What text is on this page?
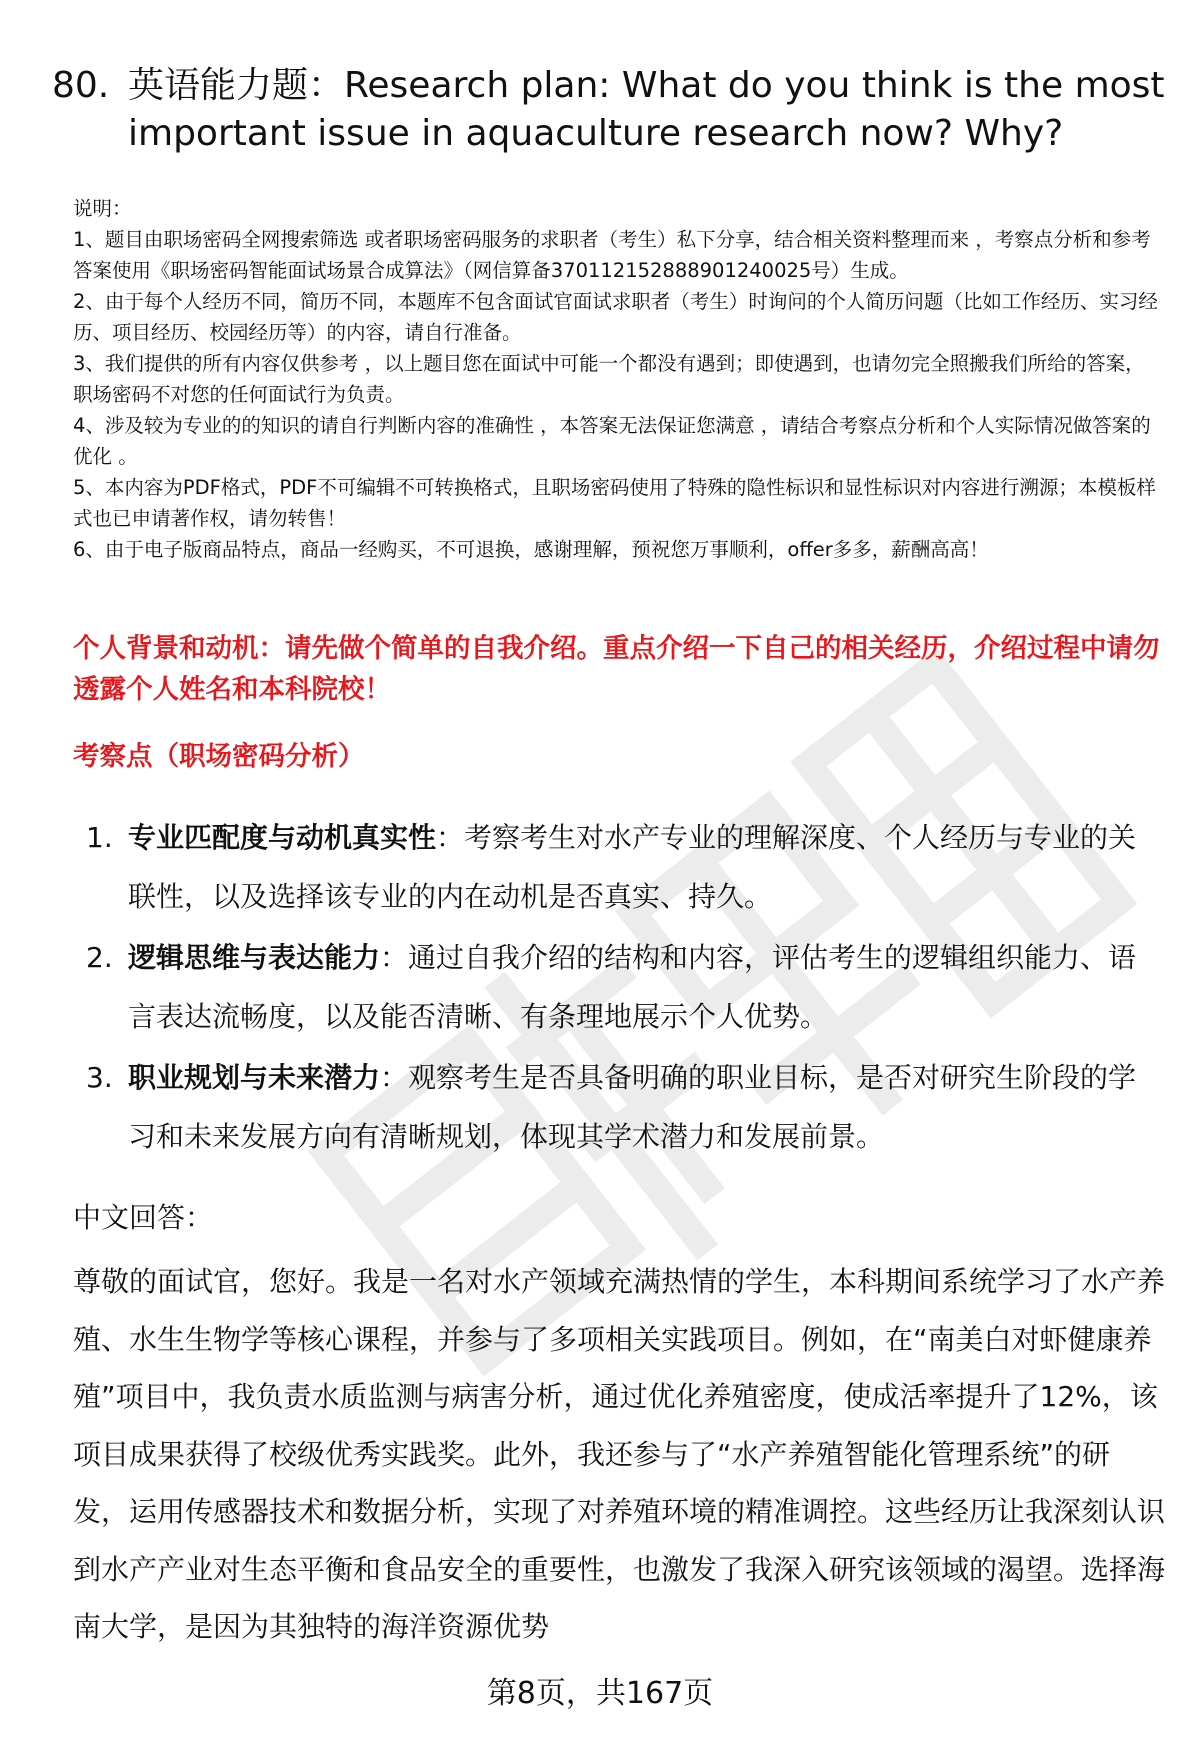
80. 英语能力题：Research plan: What do you think is the most important issue in aquaculture research now? Why?
说明：
1、题目由职场密码全网搜索筛选 或者职场密码服务的求职者（考生）私下分享，结合相关资料整理而来 ，考察点分析和参考答案使用《职场密码智能面试场景合成算法》（网信算备370112152888901240025号）生成。
2、由于每个人经历不同，简历不同，本题库不包含面试官面试求职者（考生）时询问的个人简历问题（比如工作经历、实习经历、项目经历、校园经历等）的内容，请自行准备。
3、我们提供的所有内容仅供参考 ，以上题目您在面试中可能一个都没有遇到；即使遇到，也请勿完全照搬我们所给的答案，职场密码不对您的任何面试行为负责。
4、涉及较为专业的的知识的请自行判断内容的准确性 ，本答案无法保证您满意 ，请结合考察点分析和个人实际情况做答案的优化 。
5、本内容为PDF格式，PDF不可编辑不可转换格式，且职场密码使用了特殊的隐性标识和显性标识对内容进行溯源；本模板样式也已申请著作权，请勿转售！
6、由于电子版商品特点，商品一经购买，不可退换，感谢理解，预祝您万事顺利，offer多多，薪酬高高！
个人背景和动机：请先做个简单的自我介绍。重点介绍一下自己的相关经历，介绍过程中请勿透露个人姓名和本科院校！
考察点（职场密码分析）
1. 专业匹配度与动机真实性：考察考生对水产专业的理解深度、个人经历与专业的关联性，以及选择该专业的内在动机是否真实、持久。
2. 逻辑思维与表达能力：通过自我介绍的结构和内容，评估考生的逻辑组织能力、语言表达流畅度，以及能否清晰、有条理地展示个人优势。
3. 职业规划与未来潜力：观察考生是否具备明确的职业目标，是否对研究生阶段的学习和未来发展方向有清晰规划，体现其学术潜力和发展前景。
中文回答：
尊敬的面试官，您好。我是一名对水产领域充满热情的学生，本科期间系统学习了水产养殖、水生生物学等核心课程，并参与了多项相关实践项目。例如，在“南美白对虾健康养殖”项目中，我负责水质监测与病害分析，通过优化养殖密度，使成活率提升了12%，该项目成果获得了校级优秀实践奖。此外，我还参与了“水产养殖智能化管理系统”的研发，运用传感器技术和数据分析，实现了对养殖环境的精准调控。这些经历让我深刻认识到水产产业对生态平衡和食品安全的重要性，也激发了我深入研究该领域的渴望。选择海南大学，是因为其独特的海洋资源优势
第8页，共167页
